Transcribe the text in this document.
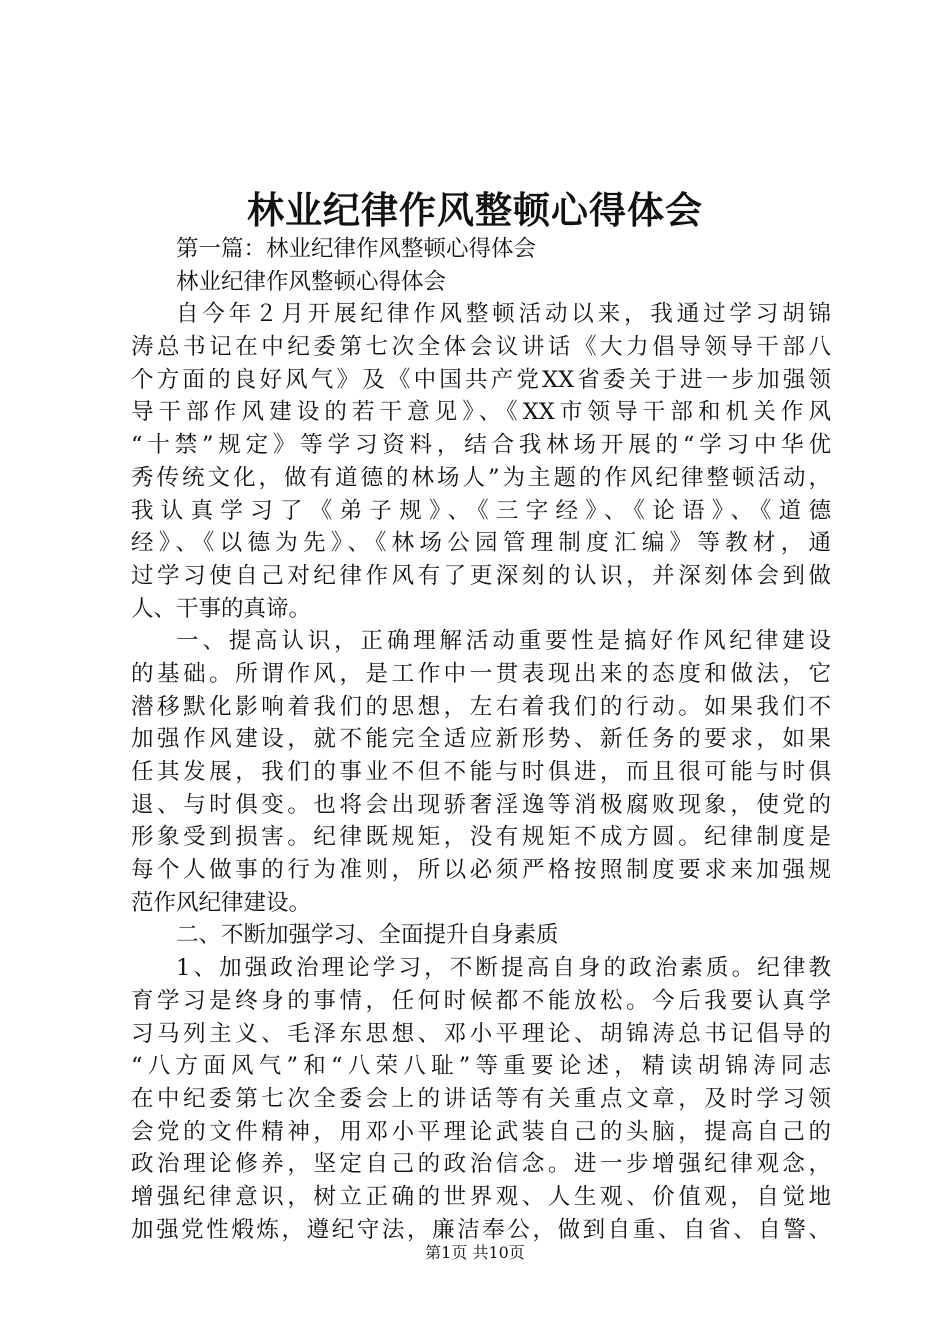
林业纪律作风整顿心得体会
第一篇：林业纪律作风整顿心得体会
林业纪律作风整顿心得体会
自今年２月开展纪律作风整顿活动以来，我通过学习胡锦
涛总书记在中纪委第七次全体会议讲话《大力倡导领导干部八
个方面的良好风气》及《中国共产党XX省委关于进一步加强领
导干部作风建设的若干意见》、《XX市领导干部和机关作风
“十禁”规定》等学习资料，结合我林场开展的“学习中华优
秀传统文化，做有道德的林场人”为主题的作风纪律整顿活动，
我认真学习了《弟子规》、《三字经》、《论语》、《道德
经》、《以德为先》、《林场公园管理制度汇编》等教材，通
过学习使自己对纪律作风有了更深刻的认识，并深刻体会到做
人、干事的真谛。
一、提高认识，正确理解活动重要性是搞好作风纪律建设
的基础。所谓作风，是工作中一贯表现出来的态度和做法，它
潜移默化影响着我们的思想，左右着我们的行动。如果我们不
加强作风建设，就不能完全适应新形势、新任务的要求，如果
任其发展，我们的事业不但不能与时俱进，而且很可能与时俱
退、与时俱变。也将会出现骄奢淫逸等消极腐败现象，使党的
形象受到损害。纪律既规矩，没有规矩不成方圆。纪律制度是
每个人做事的行为准则，所以必须严格按照制度要求来加强规
范作风纪律建设。
二、不断加强学习、全面提升自身素质
1、加强政治理论学习，不断提高自身的政治素质。纪律教
育学习是终身的事情，任何时候都不能放松。今后我要认真学
习马列主义、毛泽东思想、邓小平理论、胡锦涛总书记倡导的
“八方面风气”和“八荣八耻”等重要论述，精读胡锦涛同志
在中纪委第七次全委会上的讲话等有关重点文章，及时学习领
会党的文件精神，用邓小平理论武装自己的头脑，提高自己的
政治理论修养，坚定自己的政治信念。进一步增强纪律观念，
增强纪律意识，树立正确的世界观、人生观、价值观，自觉地
加强党性煅炼，遵纪守法，廉洁奉公，做到自重、自省、自警、
第1页 共10页
